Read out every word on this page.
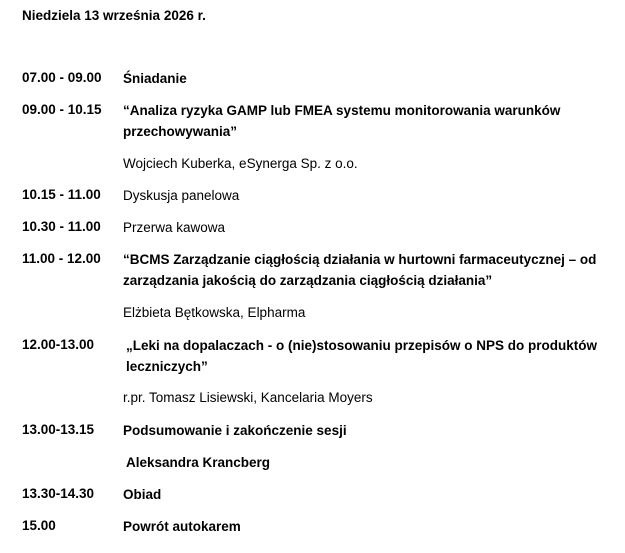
Niedziela 13 września 2026 r.
07.00 - 09.00 Śniadanie
09.00 - 10.15 “Analiza ryzyka GAMP lub FMEA systemu monitorowania warunków przechowywania”
Wojciech Kuberka, eSynerga Sp. z o.o.
10.15 - 11.00 Dyskusja panelowa
10.30 - 11.00 Przerwa kawowa
11.00 - 12.00 “BCMS Zarządzanie ciągłością działania w hurtowni farmaceutycznej – od zarządzania jakością do zarządzania ciągłością działania”
Elżbieta Bętkowska, Elpharma
12.00-13.00 „Leki na dopalaczach - o (nie)stosowaniu przepisów o NPS do produktów leczniczych”
r.pr. Tomasz Lisiewski, Kancelaria Moyers
13.00-13.15 Podsumowanie i zakończenie sesji
Aleksandra Krancberg
13.30-14.30 Obiad
15.00	Powrót autokarem
